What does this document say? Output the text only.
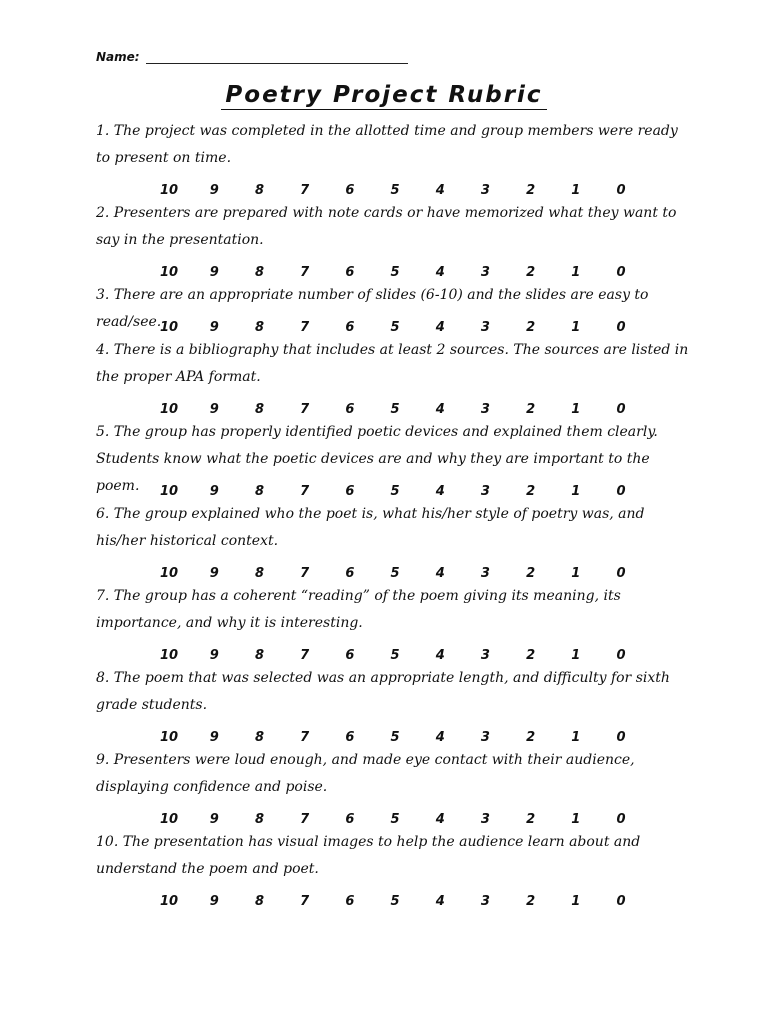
Name:
Poetry Project Rubric

1. The project was completed in the allotted time and group members were ready to present on time.

10	9	8	7	6	5	4	3	2	1	0

2. Presenters are prepared with note cards or have memorized what they want to say in the presentation.

10	9	8	7	6	5	4	3	2	1	0

3. There are an appropriate number of slides (6-10) and the slides are easy to read/see.

10	9	8	7	6	5	4	3	2	1	0

4. There is a bibliography that includes at least 2 sources. The sources are listed in the proper APA format.

10	9	8	7	6	5	4	3	2	1	0

5. The group has properly identified poetic devices and explained them clearly. Students know what the poetic devices are and why they are important to the poem.	10	9	8	7	6	5	4	3	2	1	0

6. The group explained who the poet is, what his/her style of poetry was, and his/her historical context.

10	9	8	7	6	5	4	3	2	1	0

7. The group has a coherent “reading” of the poem giving its meaning, its importance, and why it is interesting.

10	9	8	7	6	5	4	3	2	1	0

8. The poem that was selected was an appropriate length, and difficulty for sixth grade students.

10	9	8	7	6	5	4	3	2	1	0

9. Presenters were loud enough, and made eye contact with their audience, displaying confidence and poise.

10	9	8	7	6	5	4	3	2	1	0

10. The presentation has visual images to help the audience learn about and understand the poem and poet.

10	9	8	7	6	5	4	3	2	1	0
